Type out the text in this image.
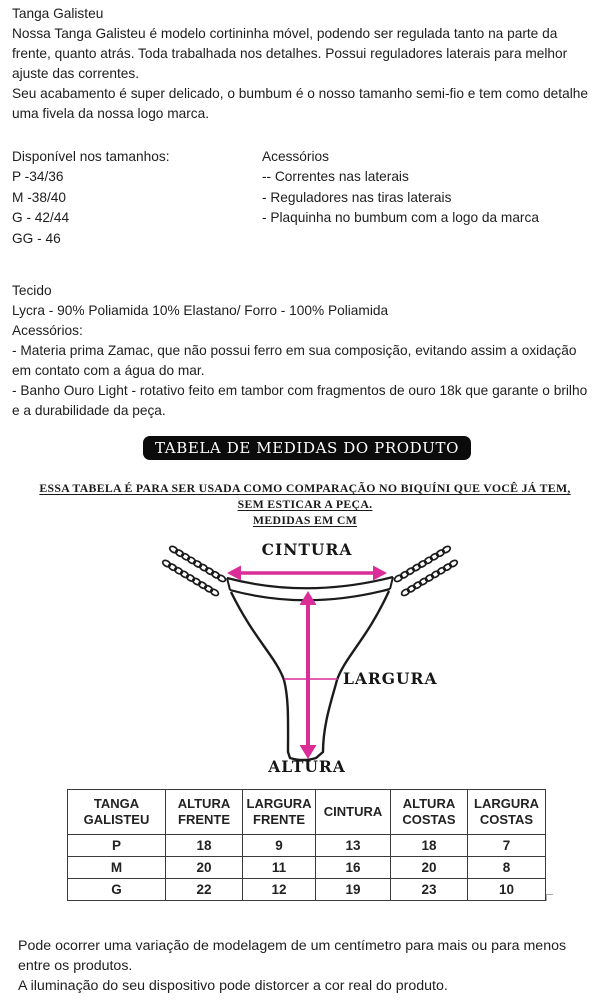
Tanga Galisteu

Nossa Tanga Galisteu é modelo cortininha móvel, podendo ser regulada tanto na parte da frente, quanto atrás. Toda trabalhada nos detalhes. Possui reguladores laterais para melhor ajuste das correntes.

Seu acabamento é super delicado, o bumbum é o nosso tamanho semi-fio e tem como detalhe uma fivela da nossa logo marca.

Disponível nos tamanhos:
P -34/36
M -38/40
G - 42/44
GG - 46
Acessórios
-- Correntes nas laterais
- Reguladores nas tiras laterais
- Plaquinha no bumbum com a logo da marca
Tecido
Lycra - 90% Poliamida 10% Elastano/ Forro - 100% Poliamida
Acessórios:
- Materia prima Zamac, que não possui ferro em sua composição, evitando assim a oxidação em contato com a água do mar.
- Banho Ouro Light - rotativo feito em tambor com fragmentos de ouro 18k que garante o brilho e a durabilidade da peça.
TABELA DE MEDIDAS DO PRODUTO
ESSA TABELA É PARA SER USADA COMO COMPARAÇÃO NO BIQUÍNI QUE VOCÊ JÁ TEM,
SEM ESTICAR A PEÇA.
MEDIDAS EM CM
CINTURA
LARGURA
ALTURA
TANGA GALISTEU	ALTURA FRENTE	LARGURA FRENTE	CINTURA	ALTURA COSTAS	LARGURA COSTAS
P	18	9	13	18	7
M	20	11	16	20	8
G	22	12	19	23	10
Pode ocorrer uma variação de modelagem de um centímetro para mais ou para menos entre os produtos.
A iluminação do seu dispositivo pode distorcer a cor real do produto.
